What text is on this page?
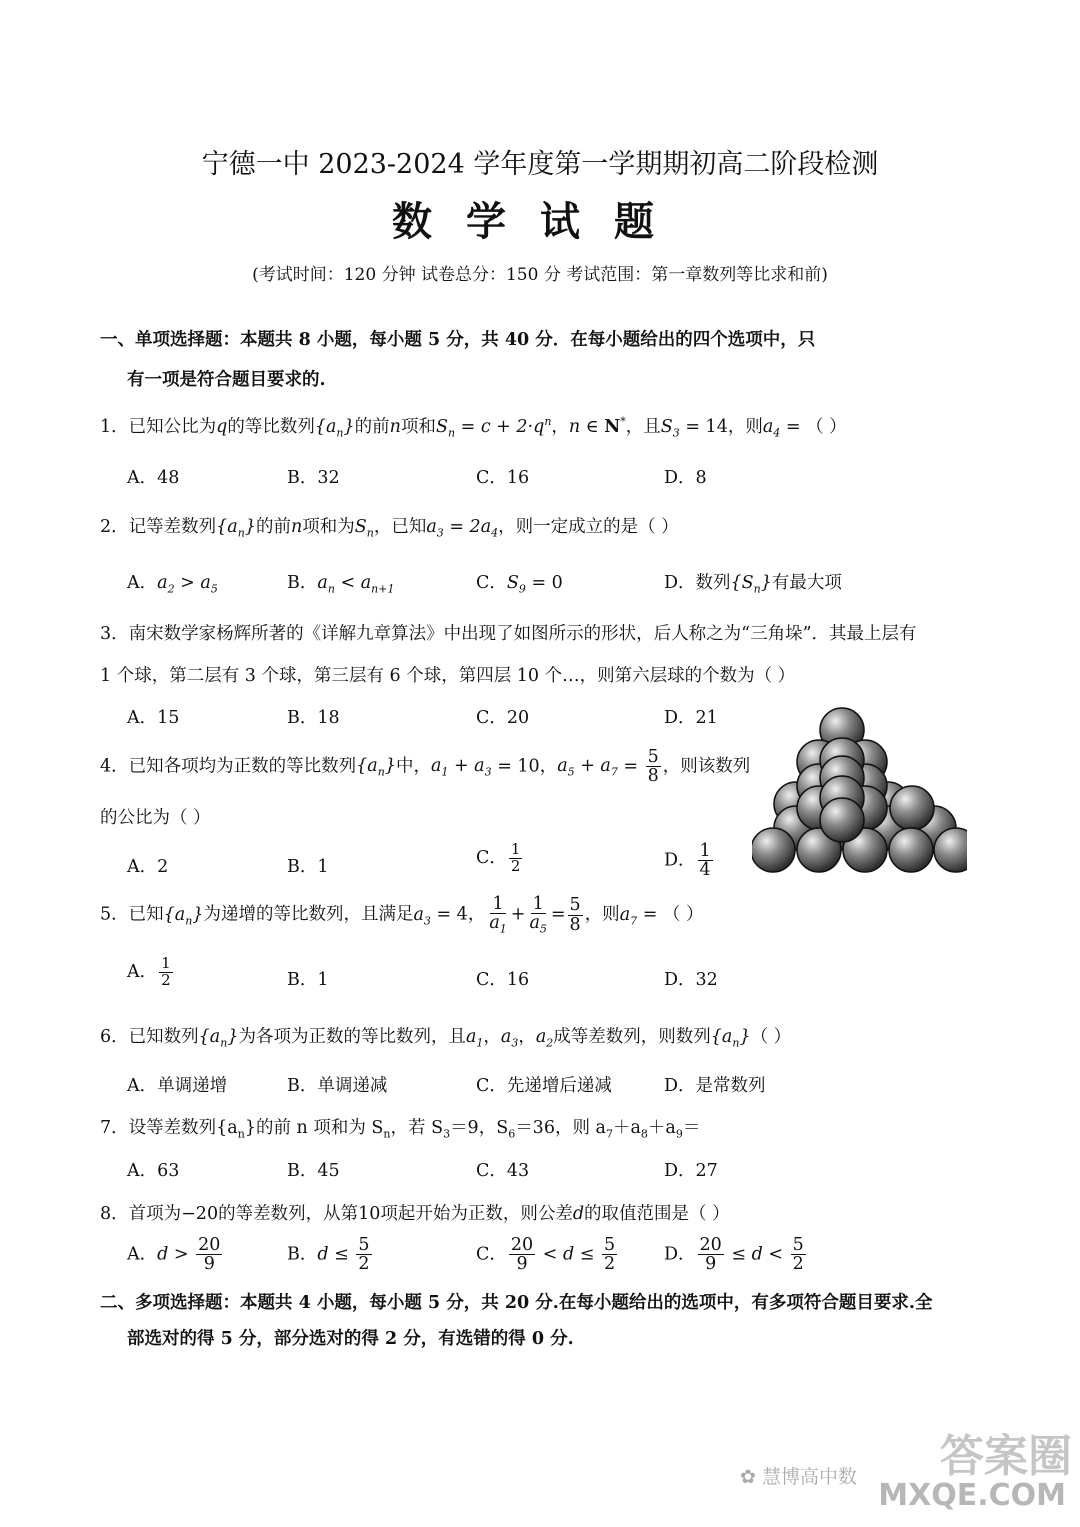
宁德一中 2023-2024 学年度第一学期期初高二阶段检测
数学试题
(考试时间：120 分钟 试卷总分：150 分 考试范围：第一章数列等比求和前)
一、单项选择题：本题共 8 小题，每小题 5 分，共 40 分．在每小题给出的四个选项中，只
有一项是符合题目要求的.
1．已知公比为q的等比数列$\{a_n\}$的前n项和$S_n = c + 2\cdot q^n$，n ∈ N*，且$S_3 = 14$，则$a_4$ = （ ）
A．48	B．32	C．16	D．8
2．记等差数列$\{a_n\}$的前n项和为$S_n$，已知$a_3 = 2a_4$，则一定成立的是（ ）
A．$a_2 > a_5$	B．$a_n < a_{n+1}$	C．$S_9 = 0$	D．数列$\{S_n\}$有最大项
3．南宋数学家杨辉所著的《详解九章算法》中出现了如图所示的形状，后人称之为“三角垛”．其最上层有
1 个球，第二层有 3 个球，第三层有 6 个球，第四层 10 个…，则第六层球的个数为（ ）
A．15	B．18	C．20	D．21
4．已知各项均为正数的等比数列$\{a_n\}$中，$a_1 + a_3 = 10$，$a_5 + a_7 = \frac{5}{8}$ ，则该数列
的公比为（ ）
A．2	B．1	C． $\frac{1}{2}$	D． $\frac{1}{4}$
5．已知$\{a_n\}$为递增的等比数列，且满足$a_3 = 4$， $\frac{1}{a_1} + \frac{1}{a_5} = \frac{5}{8}$ ，则$a_7$ = （ ）
A． $\frac{1}{2}$	B．1	C．16	D．32
6．已知数列$\{a_n\}$为各项为正数的等比数列，且$a_1$，$a_3$，$a_2$成等差数列，则数列$\{a_n\}$（ ）
A．单调递增	B．单调递减	C．先递增后递减	D．是常数列
7．设等差数列$\{a_n\}$的前 n 项和为 $S_n$，若 $S_3=9$，$S_6=36$，则 $a_7+a_8+a_9=$
A．63	B．45	C．43	D．27
8．首项为−20的等差数列，从第10项起开始为正数，则公差d的取值范围是（ ）
A．$d > \frac{20}{9}$	B．$d \le \frac{5}{2}$	C． $\frac{20}{9} < d \le \frac{5}{2}$	D． $\frac{20}{9} \le d < \frac{5}{2}$
二、多项选择题：本题共 4 小题，每小题 5 分，共 20 分.在每小题给出的选项中，有多项符合题目要求.全
部选对的得 5 分，部分选对的得 2 分，有选错的得 0 分.
✿ 慧博高中数 答案圈
MXQE.COM
